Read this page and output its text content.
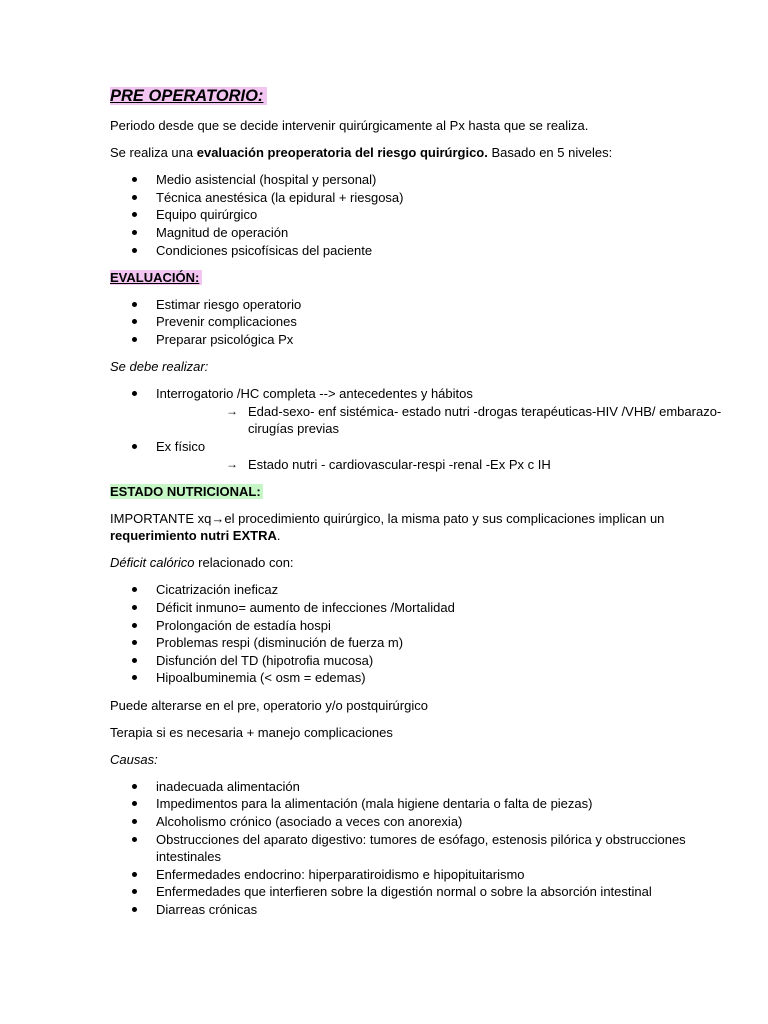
PRE OPERATORIO:

Periodo desde que se decide intervenir quirúrgicamente al Px hasta que se realiza.

Se realiza una evaluación preoperatoria del riesgo quirúrgico. Basado en 5 niveles:

Medio asistencial (hospital y personal)
Técnica anestésica (la epidural + riesgosa)
Equipo quirúrgico
Magnitud de operación
Condiciones psicofísicas del paciente

EVALUACIÓN:

Estimar riesgo operatorio
Prevenir complicaciones
Preparar psicológica Px

Se debe realizar:

Interrogatorio /HC completa --> antecedentes y hábitos
→ Edad-sexo- enf sistémica- estado nutri -drogas terapéuticas-HIV /VHB/ embarazo- cirugías previas
Ex físico
→ Estado nutri - cardiovascular-respi -renal -Ex Px c IH

ESTADO NUTRICIONAL:

IMPORTANTE xq→el procedimiento quirúrgico, la misma pato y sus complicaciones implican un requerimiento nutri EXTRA.

Déficit calórico relacionado con:

Cicatrización ineficaz
Déficit inmuno= aumento de infecciones /Mortalidad
Prolongación de estadía hospi
Problemas respi (disminución de fuerza m)
Disfunción del TD (hipotrofia mucosa)
Hipoalbuminemia (< osm = edemas)

Puede alterarse en el pre, operatorio y/o postquirúrgico

Terapia si es necesaria + manejo complicaciones

Causas:

inadecuada alimentación
Impedimentos para la alimentación (mala higiene dentaria o falta de piezas)
Alcoholismo crónico (asociado a veces con anorexia)
Obstrucciones del aparato digestivo: tumores de esófago, estenosis pilórica y obstrucciones intestinales
Enfermedades endocrino: hiperparatiroidismo e hipopituitarismo
Enfermedades que interfieren sobre la digestión normal o sobre la absorción intestinal
Diarreas crónicas
